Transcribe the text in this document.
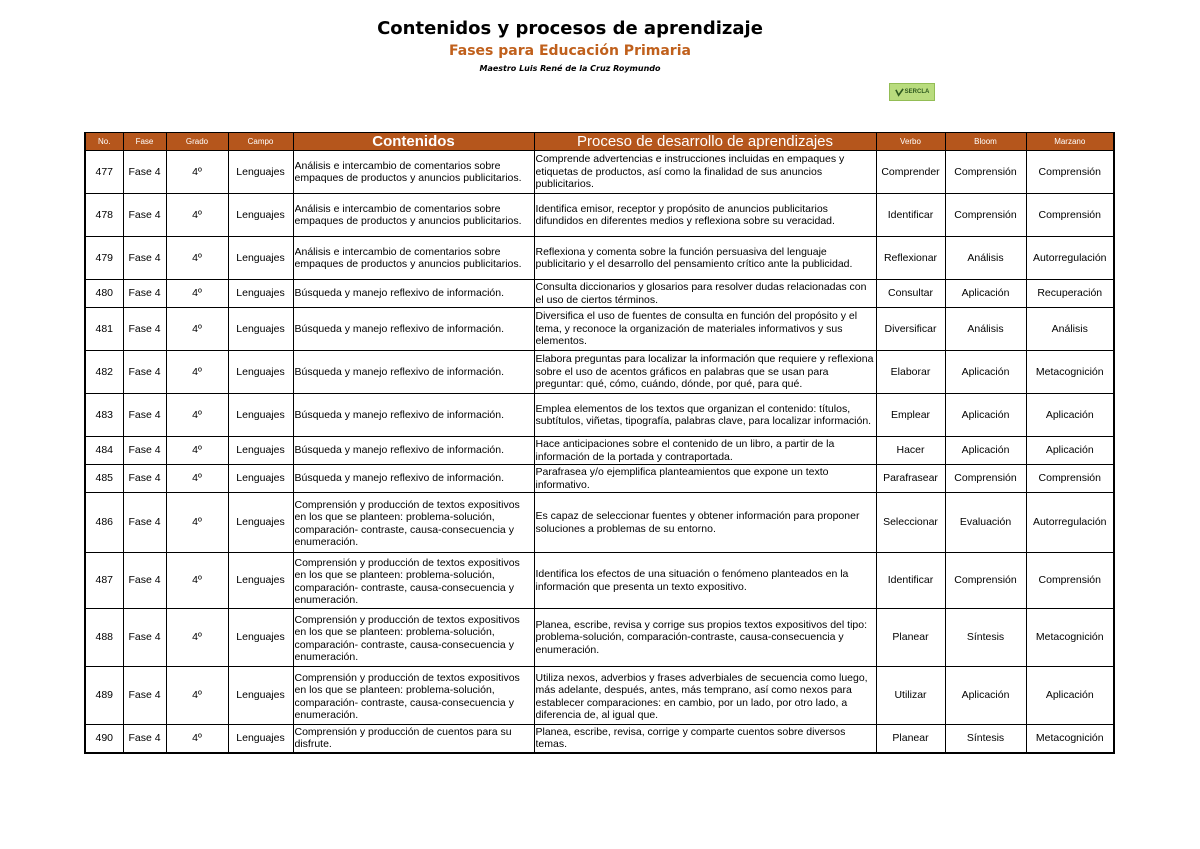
Contenidos y procesos de aprendizaje
Fases para Educación Primaria
Maestro Luis René de la Cruz Roymundo
SERCLA
No.	Fase	Grado	Campo	Contenidos	Proceso de desarrollo de aprendizajes	Verbo	Bloom	Marzano
477	Fase 4	4º	Lenguajes	Análisis e intercambio de comentarios sobre empaques de productos y anuncios publicitarios.	Comprende advertencias e instrucciones incluidas en empaques y etiquetas de productos, así como la finalidad de sus anuncios publicitarios.	Comprender	Comprensión	Comprensión
478	Fase 4	4º	Lenguajes	Análisis e intercambio de comentarios sobre empaques de productos y anuncios publicitarios.	Identifica emisor, receptor y propósito de anuncios publicitarios difundidos en diferentes medios y reflexiona sobre su veracidad.	Identificar	Comprensión	Comprensión
479	Fase 4	4º	Lenguajes	Análisis e intercambio de comentarios sobre empaques de productos y anuncios publicitarios.	Reflexiona y comenta sobre la función persuasiva del lenguaje publicitario y el desarrollo del pensamiento crítico ante la publicidad.	Reflexionar	Análisis	Autorregulación
480	Fase 4	4º	Lenguajes	Búsqueda y manejo reflexivo de información.	Consulta diccionarios y glosarios para resolver dudas relacionadas con el uso de ciertos términos.	Consultar	Aplicación	Recuperación
481	Fase 4	4º	Lenguajes	Búsqueda y manejo reflexivo de información.	Diversifica el uso de fuentes de consulta en función del propósito y el tema, y reconoce la organización de materiales informativos y sus elementos.	Diversificar	Análisis	Análisis
482	Fase 4	4º	Lenguajes	Búsqueda y manejo reflexivo de información.	Elabora preguntas para localizar la información que requiere y reflexiona sobre el uso de acentos gráficos en palabras que se usan para preguntar: qué, cómo, cuándo, dónde, por qué, para qué.	Elaborar	Aplicación	Metacognición
483	Fase 4	4º	Lenguajes	Búsqueda y manejo reflexivo de información.	Emplea elementos de los textos que organizan el contenido: títulos, subtítulos, viñetas, tipografía, palabras clave, para localizar información.	Emplear	Aplicación	Aplicación
484	Fase 4	4º	Lenguajes	Búsqueda y manejo reflexivo de información.	Hace anticipaciones sobre el contenido de un libro, a partir de la información de la portada y contraportada.	Hacer	Aplicación	Aplicación
485	Fase 4	4º	Lenguajes	Búsqueda y manejo reflexivo de información.	Parafrasea y/o ejemplifica planteamientos que expone un texto informativo.	Parafrasear	Comprensión	Comprensión
486	Fase 4	4º	Lenguajes	Comprensión y producción de textos expositivos en los que se planteen: problema-solución, comparación- contraste, causa-consecuencia y enumeración.	Es capaz de seleccionar fuentes y obtener información para proponer soluciones a problemas de su entorno.	Seleccionar	Evaluación	Autorregulación
487	Fase 4	4º	Lenguajes	Comprensión y producción de textos expositivos en los que se planteen: problema-solución, comparación- contraste, causa-consecuencia y enumeración.	Identifica los efectos de una situación o fenómeno planteados en la información que presenta un texto expositivo.	Identificar	Comprensión	Comprensión
488	Fase 4	4º	Lenguajes	Comprensión y producción de textos expositivos en los que se planteen: problema-solución, comparación- contraste, causa-consecuencia y enumeración.	Planea, escribe, revisa y corrige sus propios textos expositivos del tipo: problema-solución, comparación-contraste, causa-consecuencia y enumeración.	Planear	Síntesis	Metacognición
489	Fase 4	4º	Lenguajes	Comprensión y producción de textos expositivos en los que se planteen: problema-solución, comparación- contraste, causa-consecuencia y enumeración.	Utiliza nexos, adverbios y frases adverbiales de secuencia como luego, más adelante, después, antes, más temprano, así como nexos para establecer comparaciones: en cambio, por un lado, por otro lado, a diferencia de, al igual que.	Utilizar	Aplicación	Aplicación
490	Fase 4	4º	Lenguajes	Comprensión y producción de cuentos para su disfrute.	Planea, escribe, revisa, corrige y comparte cuentos sobre diversos temas.	Planear	Síntesis	Metacognición
